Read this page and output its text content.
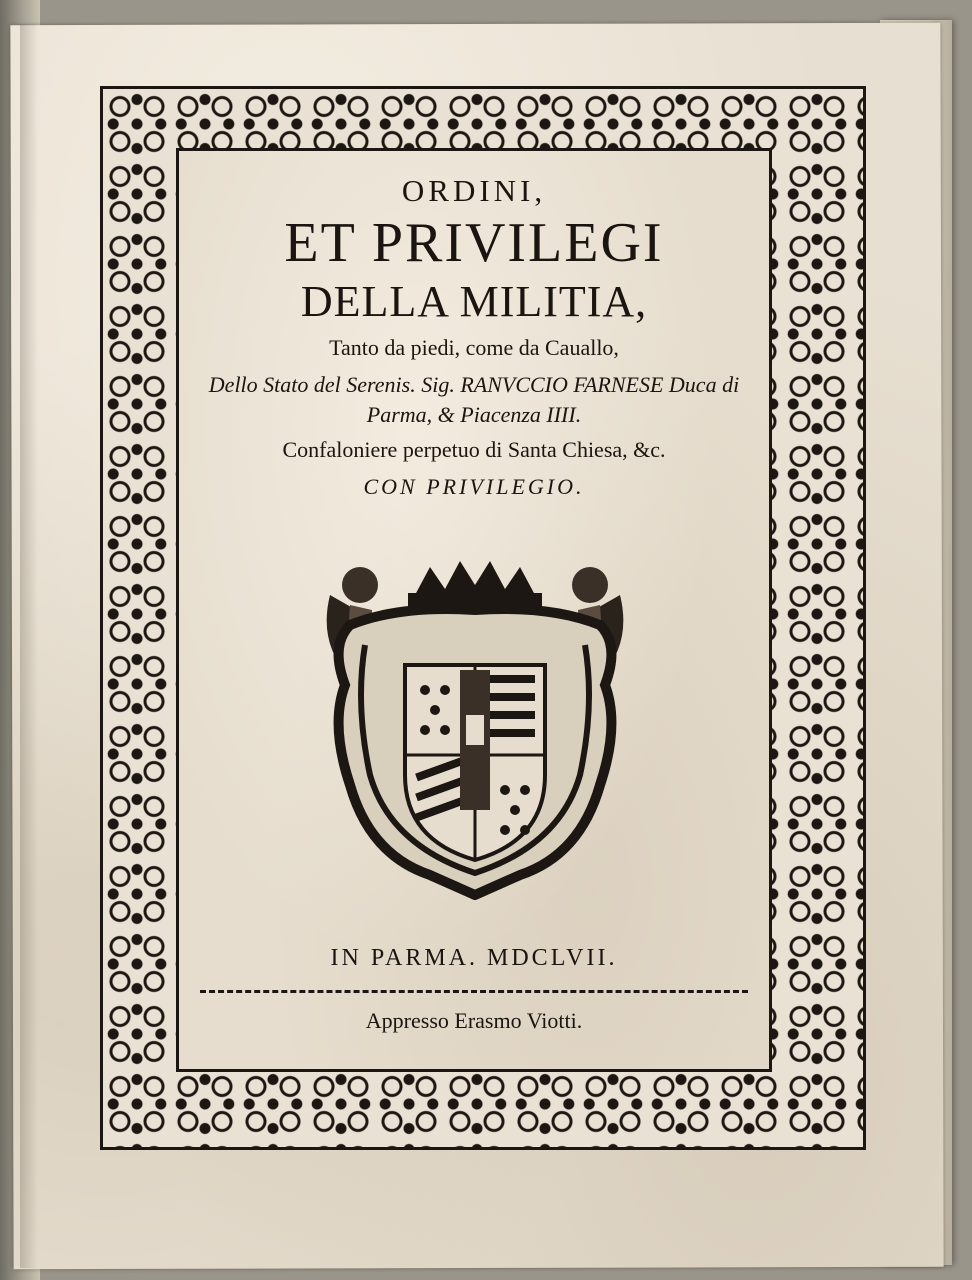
ORDINI,

ET PRIVILEGI

DELLA MILITIA,

Tanto da piedi, come da Cauallo,

Dello Stato del Serenis. Sig. RANVCCIO FARNESE Duca di Parma, & Piacenza IIII.

Confaloniere perpetuo di Santa Chiesa, &c.

CON PRIVILEGIO.

IN PARMA. MDCLVII.

Appresso Erasmo Viotti.
